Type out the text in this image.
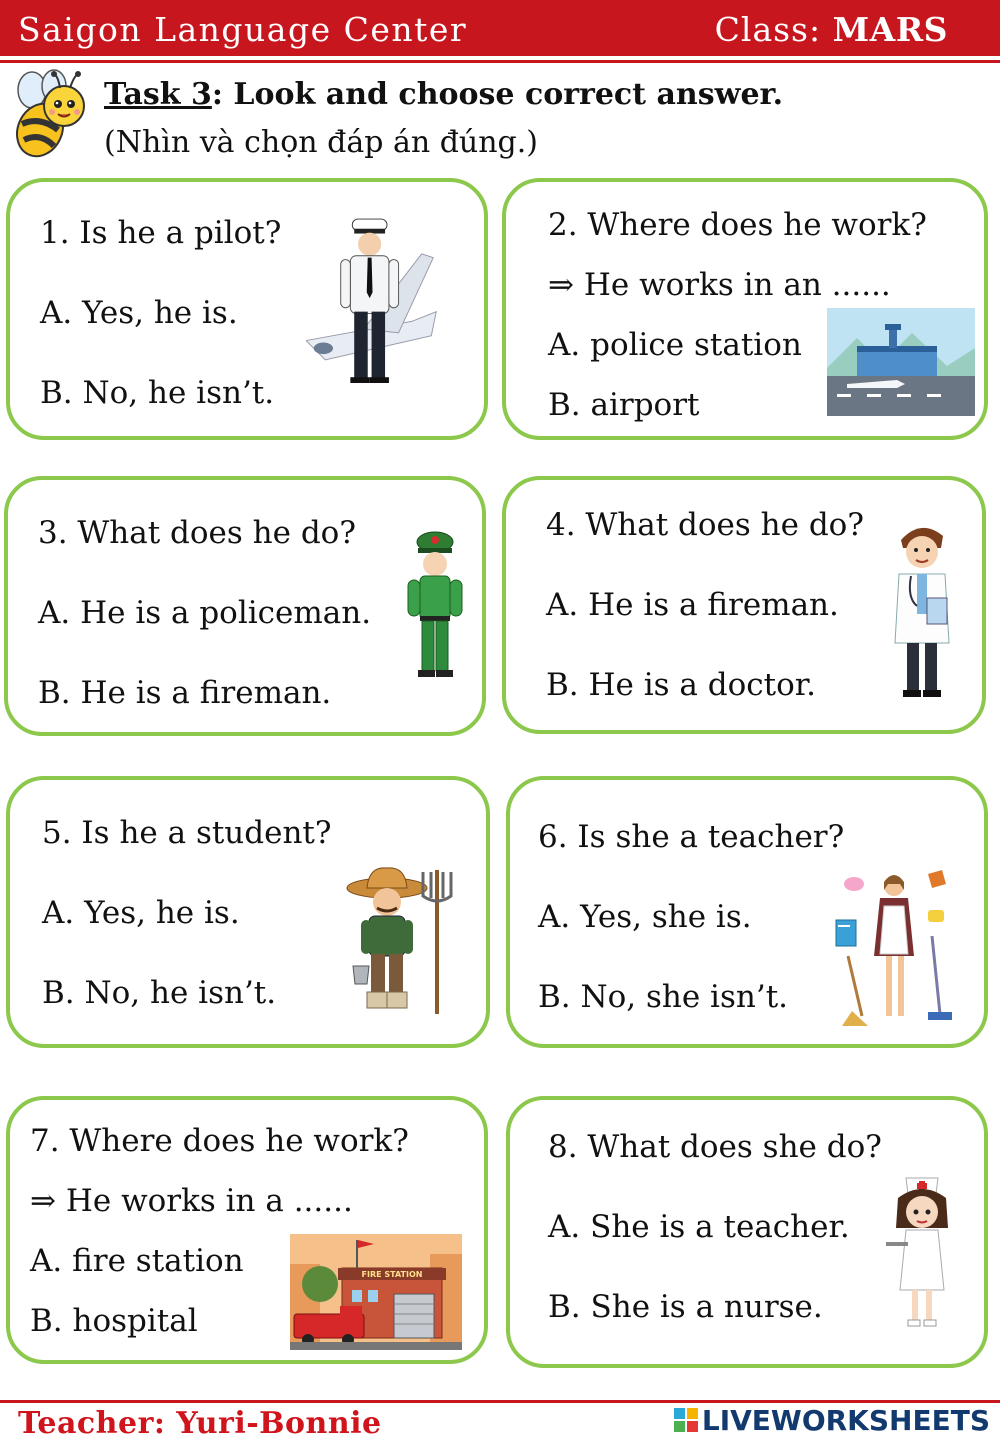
Saigon Language Center	Class: MARS
Task 3: Look and choose correct answer.
(Nhìn và chọn đáp án đúng.)
1. Is he a pilot?
A. Yes, he is.
B. No, he isn’t.
2. Where does he work?
⇒ He works in an ......
A. police station
B. airport
3. What does he do?
A. He is a policeman.
B. He is a fireman.
4. What does he do?
A. He is a fireman.
B. He is a doctor.
5. Is he a student?
A. Yes, he is.
B. No, he isn’t.
6. Is she a teacher?
A. Yes, she is.
B. No, she isn’t.
7. Where does he work?
⇒ He works in a ......
A. fire station
B. hospital
FIRE STATION
8. What does she do?
A. She is a teacher.
B. She is a nurse.
Teacher: Yuri-Bonnie	LIVEWORKSHEETS
